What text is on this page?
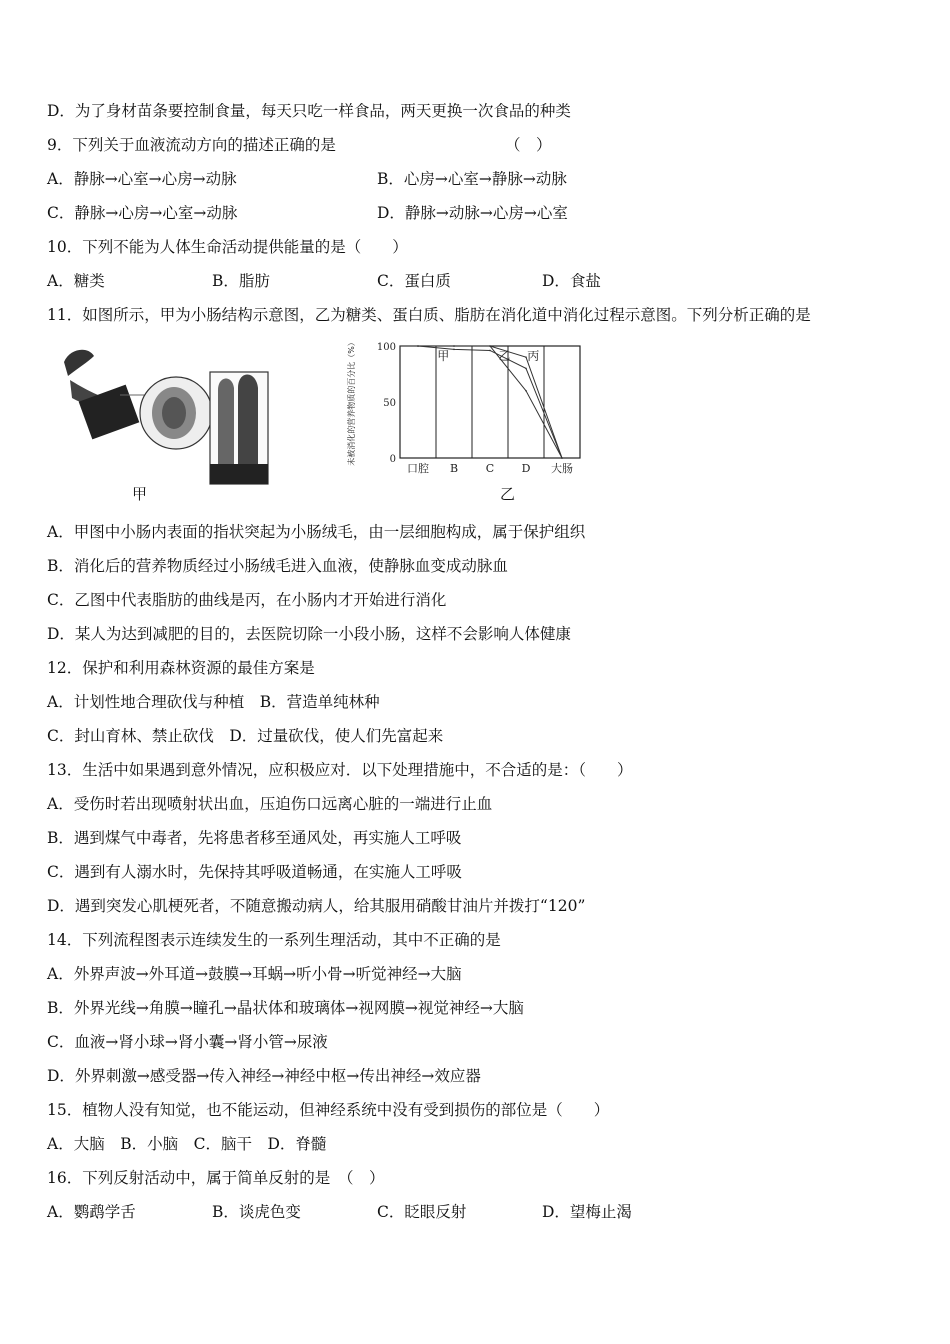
D．为了身材苗条要控制食量，每天只吃一样食品，两天更换一次食品的种类
9．下列关于血液流动方向的描述正确的是	（　）
A．静脉→心室→心房→动脉	B．心房→心室→静脉→动脉
C．静脉→心房→心室→动脉	D．静脉→动脉→心房→心室
10．下列不能为人体生命活动提供能量的是（　　）
A．糖类	B．脂肪	C．蛋白质	D．食盐
11．如图所示，甲为小肠结构示意图，乙为糖类、蛋白质、脂肪在消化道中消化过程示意图。下列分析正确的是
甲
未被消化的营养物质的百分比（%） 100
50
0
口腔 B	C D 大肠
甲	乙 丙
乙
A．甲图中小肠内表面的指状突起为小肠绒毛，由一层细胞构成，属于保护组织
B．消化后的营养物质经过小肠绒毛进入血液，使静脉血变成动脉血
C．乙图中代表脂肪的曲线是丙，在小肠内才开始进行消化
D．某人为达到减肥的目的，去医院切除一小段小肠，这样不会影响人体健康
12．保护和利用森林资源的最佳方案是
A．计划性地合理砍伐与种植　B．营造单纯林种
C．封山育林、禁止砍伐　D．过量砍伐，使人们先富起来
13．生活中如果遇到意外情况，应积极应对．以下处理措施中，不合适的是：（　　）
A．受伤时若出现喷射状出血，压迫伤口远离心脏的一端进行止血
B．遇到煤气中毒者，先将患者移至通风处，再实施人工呼吸
C．遇到有人溺水时，先保持其呼吸道畅通，在实施人工呼吸
D．遇到突发心肌梗死者，不随意搬动病人，给其服用硝酸甘油片并拨打“120”
14．下列流程图表示连续发生的一系列生理活动，其中不正确的是
A．外界声波→外耳道→鼓膜→耳蜗→听小骨→听觉神经→大脑
B．外界光线→角膜→瞳孔→晶状体和玻璃体→视网膜→视觉神经→大脑
C．血液→肾小球→肾小囊→肾小管→尿液
D．外界刺激→感受器→传入神经→神经中枢→传出神经→效应器
15．植物人没有知觉，也不能运动，但神经系统中没有受到损伤的部位是（　　）
A．大脑　B．小脑　C．脑干　D．脊髓
16．下列反射活动中，属于简单反射的是　（　）
A．鹦鹉学舌	B．谈虎色变	C．眨眼反射	D．望梅止渴
